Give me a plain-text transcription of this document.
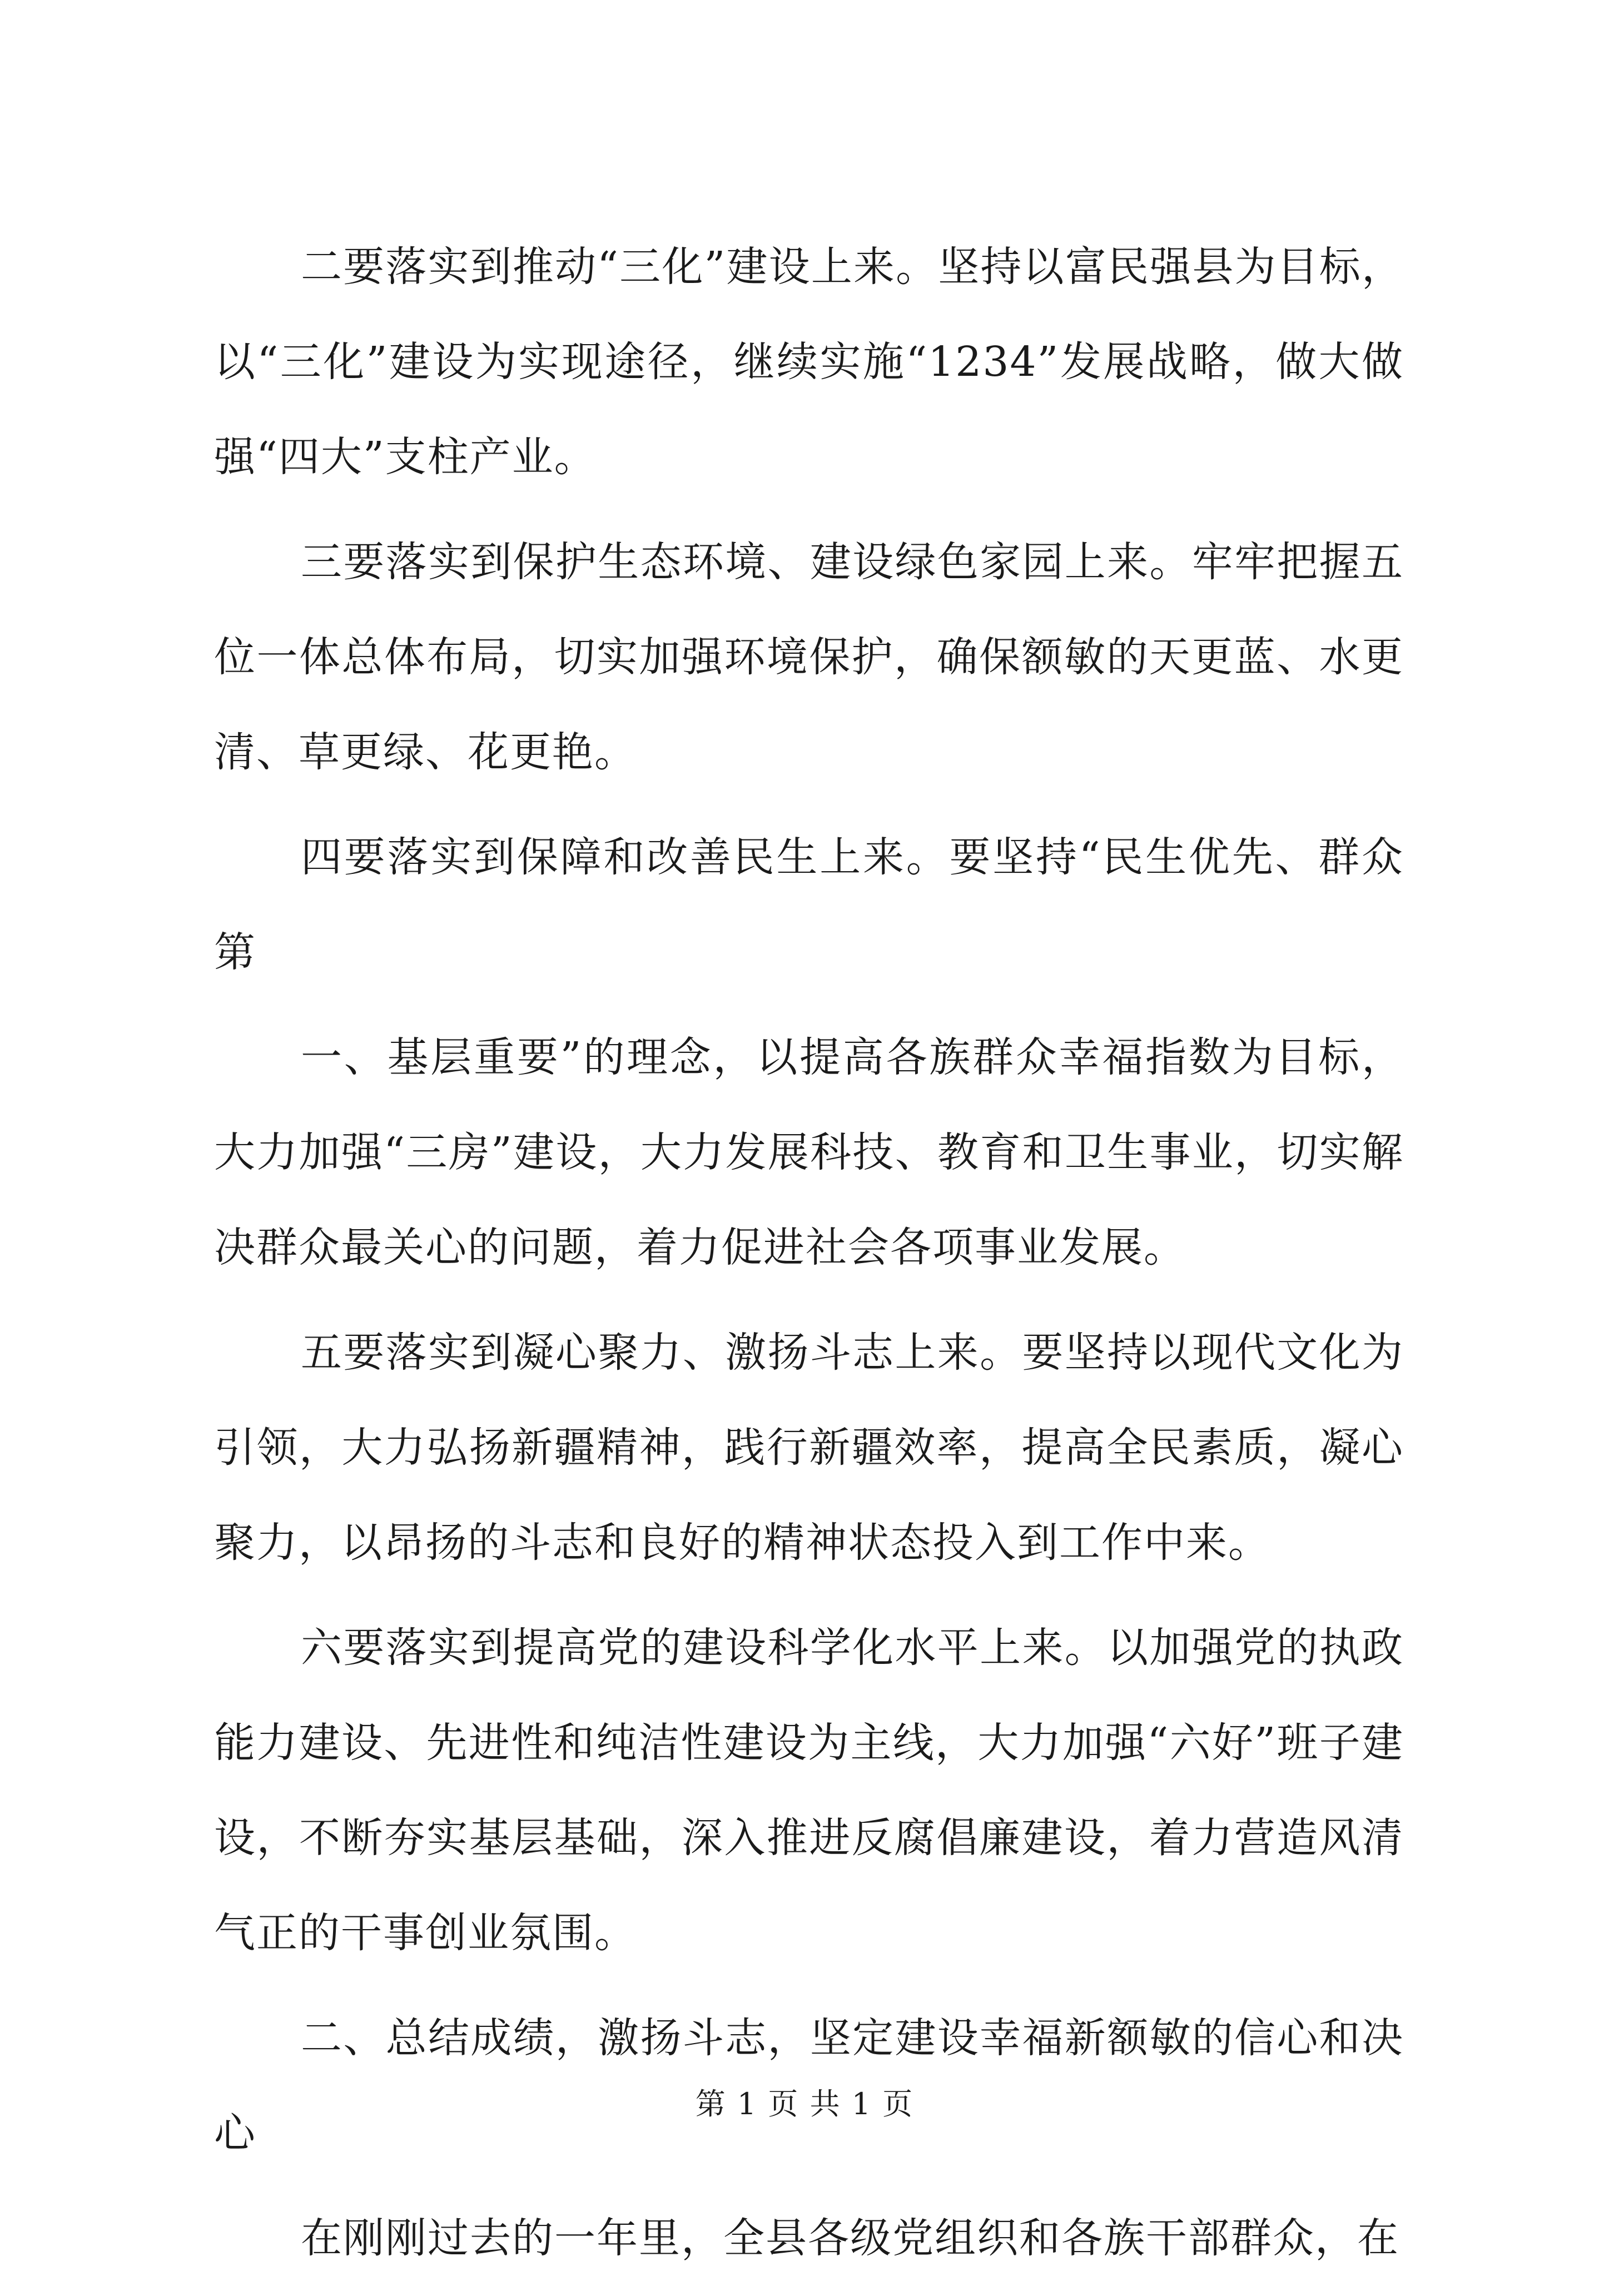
二要落实到推动“三化”建设上来。坚持以富民强县为目标，以“三化”建设为实现途径，继续实施“1234”发展战略，做大做强“四大”支柱产业。

三要落实到保护生态环境、建设绿色家园上来。牢牢把握五位一体总体布局，切实加强环境保护，确保额敏的天更蓝、水更清、草更绿、花更艳。

四要落实到保障和改善民生上来。要坚持“民生优先、群众第

一、基层重要”的理念，以提高各族群众幸福指数为目标，大力加强“三房”建设，大力发展科技、教育和卫生事业，切实解决群众最关心的问题，着力促进社会各项事业发展。

五要落实到凝心聚力、激扬斗志上来。要坚持以现代文化为引领，大力弘扬新疆精神，践行新疆效率，提高全民素质，凝心聚力，以昂扬的斗志和良好的精神状态投入到工作中来。

六要落实到提高党的建设科学化水平上来。以加强党的执政能力建设、先进性和纯洁性建设为主线，大力加强“六好”班子建设，不断夯实基层基础，深入推进反腐倡廉建设，着力营造风清气正的干事创业氛围。

二、总结成绩，激扬斗志，坚定建设幸福新额敏的信心和决心

在刚刚过去的一年里，全县各级党组织和各族干部群众，在

第 1 页 共 1 页
